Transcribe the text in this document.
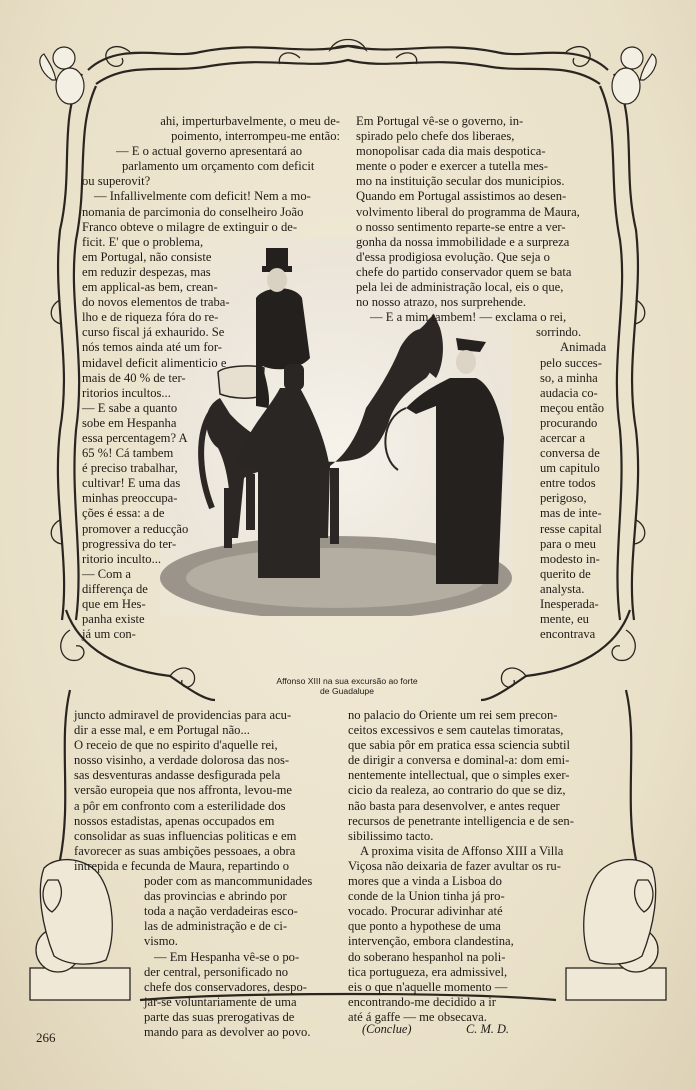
ahi, imperturbavelmente, o meu de-

poimento, interrompeu-me então:

— E o actual governo apresentará ao

parlamento um orçamento com deficit

ou superovit?

— Infallivelmente com deficit! Nem a mo-

nomania de parcimonia do conselheiro João

Franco obteve o milagre de extinguir o de-

ficit. E' que o problema,

em Portugal, não consiste

em reduzir despezas, mas

em applical-as bem, crean-

do novos elementos de traba-

lho e de riqueza fóra do re-

curso fiscal já exhaurido. Se

nós temos ainda até um for-

midavel deficit alimenticio e

mais de 40 % de ter-

ritorios incultos...

— E sabe a quanto

sobe em Hespanha

essa percentagem? A

65 %! Cá tambem

é preciso trabalhar,

cultivar! E uma das

minhas preoccupa-

ções é essa: a de

promover a reducção

progressiva do ter-

ritorio inculto...

— Com a

differença de

que em Hes-

panha existe

já um con-

Em Portugal vê-se o governo, in-

spirado pelo chefe dos liberaes,

monopolisar cada dia mais despotica-

mente o poder e exercer a tutella mes-

mo na instituição secular dos municipios.

Quando em Portugal assistimos ao desen-

volvimento liberal do programma de Maura,

o nosso sentimento reparte-se entre a ver-

gonha da nossa immobilidade e a surpreza

d'essa prodigiosa evolução. Que seja o

chefe do partido conservador quem se bata

pela lei de administração local, eis o que,

no nosso atrazo, nos surprehende.

— E a mim tambem! — exclama o rei,

sorrindo.

Animada

pelo succes-

so, a minha

audacia co-

meçou então

procurando

acercar a

conversa de

um capitulo

entre todos

perigoso,

mas de inte-

resse capital

para o meu

modesto in-

querito de

analysta.

Inesperada-

mente, eu

encontrava

Affonso XIII na sua excursão ao forte
de Guadalupe

juncto admiravel de providencias para acu-

dir a esse mal, e em Portugal não...

O receio de que no espirito d'aquelle rei,

nosso visinho, a verdade dolorosa das nos-

sas desventuras andasse desfigurada pela

versão europeia que nos affronta, levou-me

a pôr em confronto com a esterilidade dos

nossos estadistas, apenas occupados em

consolidar as suas influencias politicas e em

favorecer as suas ambições pessoaes, a obra

intrepida e fecunda de Maura, repartindo o

poder com as mancommunidades

das provincias e abrindo por

toda a nação verdadeiras esco-

las de administração e de ci-

vismo.

— Em Hespanha vê-se o po-

der central, personificado no

chefe dos conservadores, despo-

jar-se voluntariamente de uma

parte das suas prerogativas de

mando para as devolver ao povo.

no palacio do Oriente um rei sem precon-

ceitos excessivos e sem cautelas timoratas,

que sabia pôr em pratica essa sciencia subtil

de dirigir a conversa e dominal-a: dom emi-

nentemente intellectual, que o simples exer-

cicio da realeza, ao contrario do que se diz,

não basta para desenvolver, e antes requer

recursos de penetrante intelligencia e de sen-

sibilissimo tacto.

A proxima visita de Affonso XIII a Villa

Viçosa não deixaria de fazer avultar os ru-

mores que a vinda a Lisboa do

conde de la Union tinha já pro-

vocado. Procurar adivinhar até

que ponto a hypothese de uma

intervenção, embora clandestina,

do soberano hespanhol na poli-

tica portugueza, era admissivel,

eis o que n'aquelle momento —

encontrando-me decidido a ir

até á gaffe — me obsecava.

(Conclue)	C. M. D.
266
